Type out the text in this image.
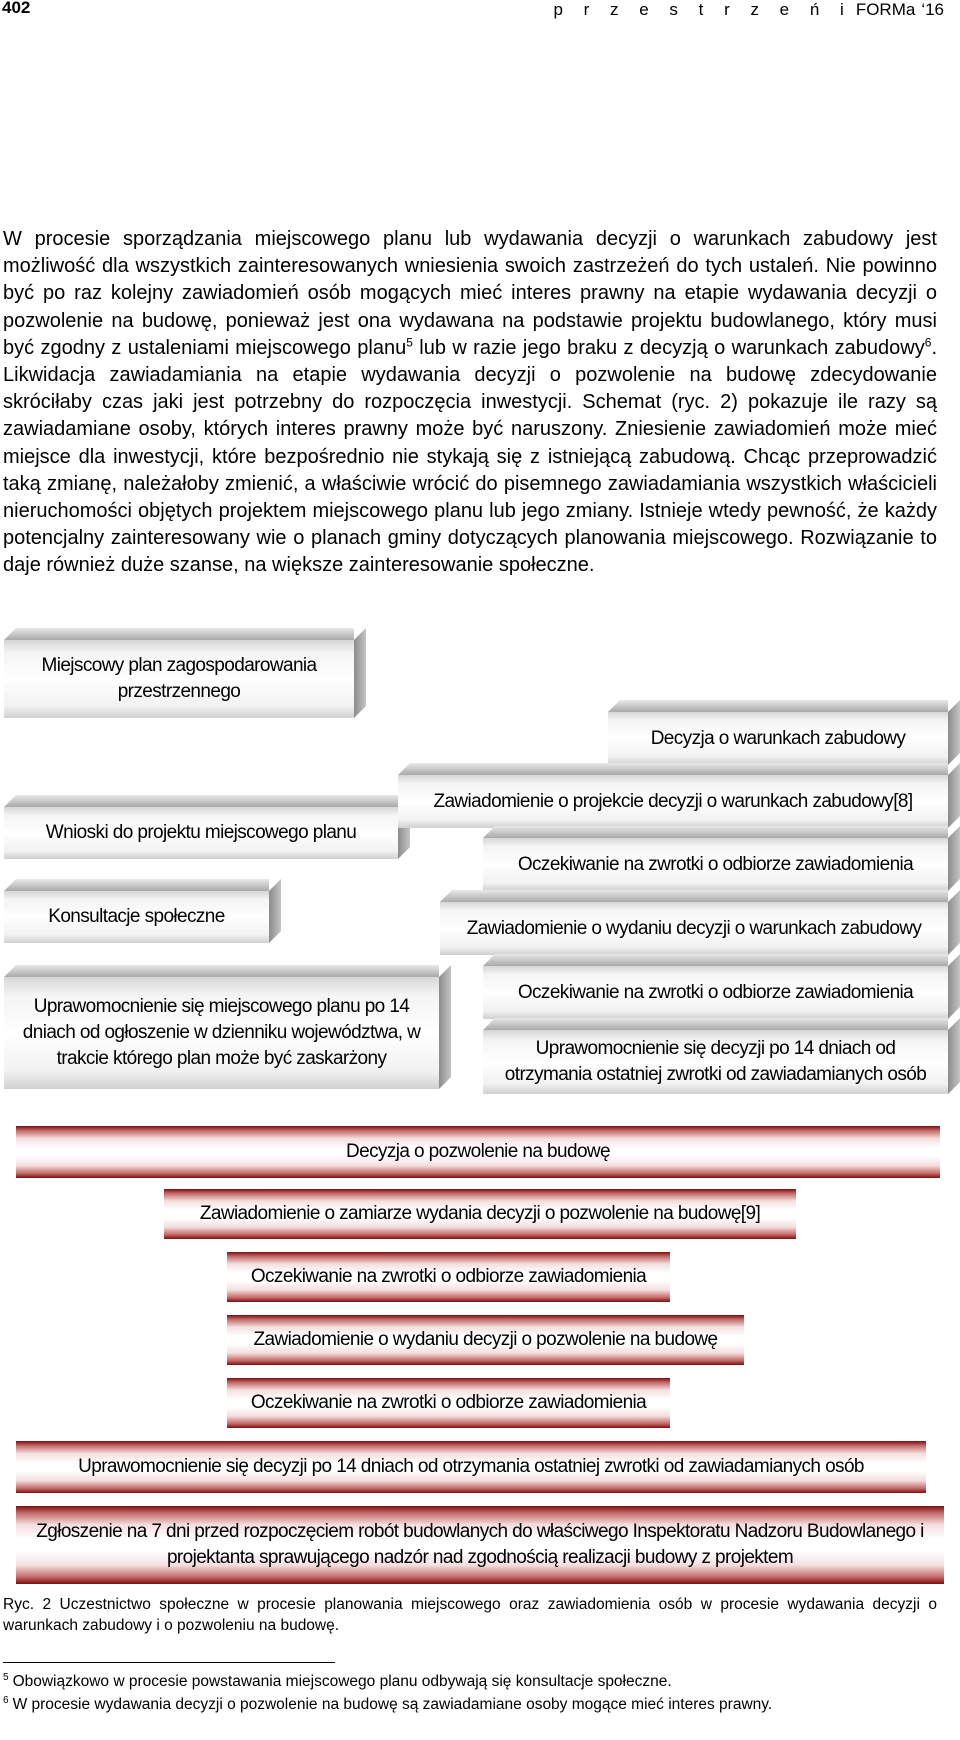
402	p r z e s t r z e ń i FORMa ‘16
W procesie sporządzania miejscowego planu lub wydawania decyzji o warunkach zabudowy jest możliwość dla wszystkich zainteresowanych wniesienia swoich zastrzeżeń do tych ustaleń. Nie powinno być po raz kolejny zawiadomień osób mogących mieć interes prawny na etapie wydawania decyzji o pozwolenie na budowę, ponieważ jest ona wydawana na podstawie projektu budowlanego, który musi być zgodny z ustaleniami miejscowego planu$^5$ lub w razie jego braku z decyzją o warunkach zabudowy$^6$. Likwidacja zawiadamiania na etapie wydawania decyzji o pozwolenie na budowę zdecydowanie skróciłaby czas jaki jest potrzebny do rozpoczęcia inwestycji. Schemat (ryc. 2) pokazuje ile razy są zawiadamiane osoby, których interes prawny może być naruszony. Zniesienie zawiadomień może mieć miejsce dla inwestycji, które bezpośrednio nie stykają się z istniejącą zabudową. Chcąc przeprowadzić taką zmianę, należałoby zmienić, a właściwie wrócić do pisemnego zawiadamiania wszystkich właścicieli nieruchomości objętych projektem miejscowego planu lub jego zmiany. Istnieje wtedy pewność, że każdy potencjalny zainteresowany wie o planach gminy dotyczących planowania miejscowego. Rozwiązanie to daje również duże szanse, na większe zainteresowanie społeczne.
Miejscowy plan zagospodarowania przestrzennego
Wnioski do projektu miejscowego planu
Konsultacje społeczne
Uprawomocnienie się miejscowego planu po 14 dniach od ogłoszenie w dzienniku województwa, w trakcie którego plan może być zaskarżony
Decyzja o warunkach zabudowy
Zawiadomienie o projekcie decyzji o warunkach zabudowy[8]
Oczekiwanie na zwrotki o odbiorze zawiadomienia
Zawiadomienie o wydaniu decyzji o warunkach zabudowy
Oczekiwanie na zwrotki o odbiorze zawiadomienia
Uprawomocnienie się decyzji po 14 dniach od otrzymania ostatniej zwrotki od zawiadamianych osób
Decyzja o pozwolenie na budowę
Zawiadomienie o zamiarze wydania decyzji o pozwolenie na budowę[9]
Oczekiwanie na zwrotki o odbiorze zawiadomienia
Zawiadomienie o wydaniu decyzji o pozwolenie na budowę
Oczekiwanie na zwrotki o odbiorze zawiadomienia
Uprawomocnienie się decyzji po 14 dniach od otrzymania ostatniej zwrotki od zawiadamianych osób
Zgłoszenie na 7 dni przed rozpoczęciem robót budowlanych do właściwego Inspektoratu Nadzoru Budowlanego i projektanta sprawującego nadzór nad zgodnością realizacji budowy z projektem
Ryc. 2 Uczestnictwo społeczne w procesie planowania miejscowego oraz zawiadomienia osób w procesie wydawania decyzji o warunkach zabudowy i o pozwoleniu na budowę.
$^5$ Obowiązkowo w procesie powstawania miejscowego planu odbywają się konsultacje społeczne.
$^6$ W procesie wydawania decyzji o pozwolenie na budowę są zawiadamiane osoby mogące mieć interes prawny.
